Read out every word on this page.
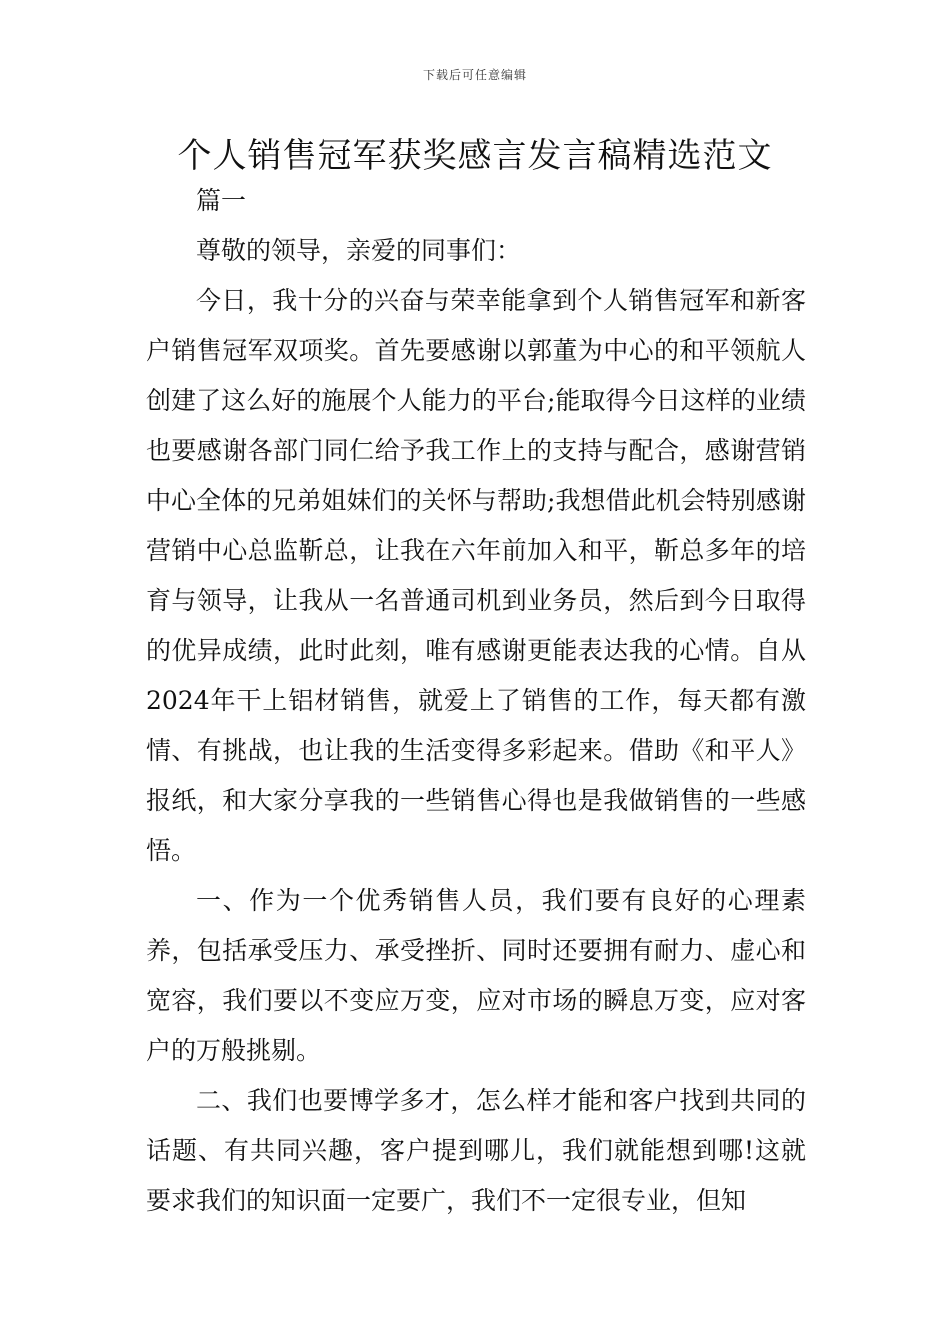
下载后可任意编辑
个人销售冠军获奖感言发言稿精选范文

篇一

尊敬的领导，亲爱的同事们：

今日，我十分的兴奋与荣幸能拿到个人销售冠军和新客户销售冠军双项奖。首先要感谢以郭董为中心的和平领航人创建了这么好的施展个人能力的平台;能取得今日这样的业绩也要感谢各部门同仁给予我工作上的支持与配合，感谢营销中心全体的兄弟姐妹们的关怀与帮助;我想借此机会特别感谢营销中心总监靳总，让我在六年前加入和平，靳总多年的培育与领导，让我从一名普通司机到业务员，然后到今日取得的优异成绩，此时此刻，唯有感谢更能表达我的心情。自从2024年干上铝材销售，就爱上了销售的工作，每天都有激情、有挑战，也让我的生活变得多彩起来。借助《和平人》报纸，和大家分享我的一些销售心得也是我做销售的一些感悟。

一、作为一个优秀销售人员，我们要有良好的心理素养，包括承受压力、承受挫折、同时还要拥有耐力、虚心和宽容，我们要以不变应万变，应对市场的瞬息万变，应对客户的万般挑剔。

二、我们也要博学多才，怎么样才能和客户找到共同的话题、有共同兴趣，客户提到哪儿，我们就能想到哪!这就要求我们的知识面一定要广，我们不一定很专业，但知
